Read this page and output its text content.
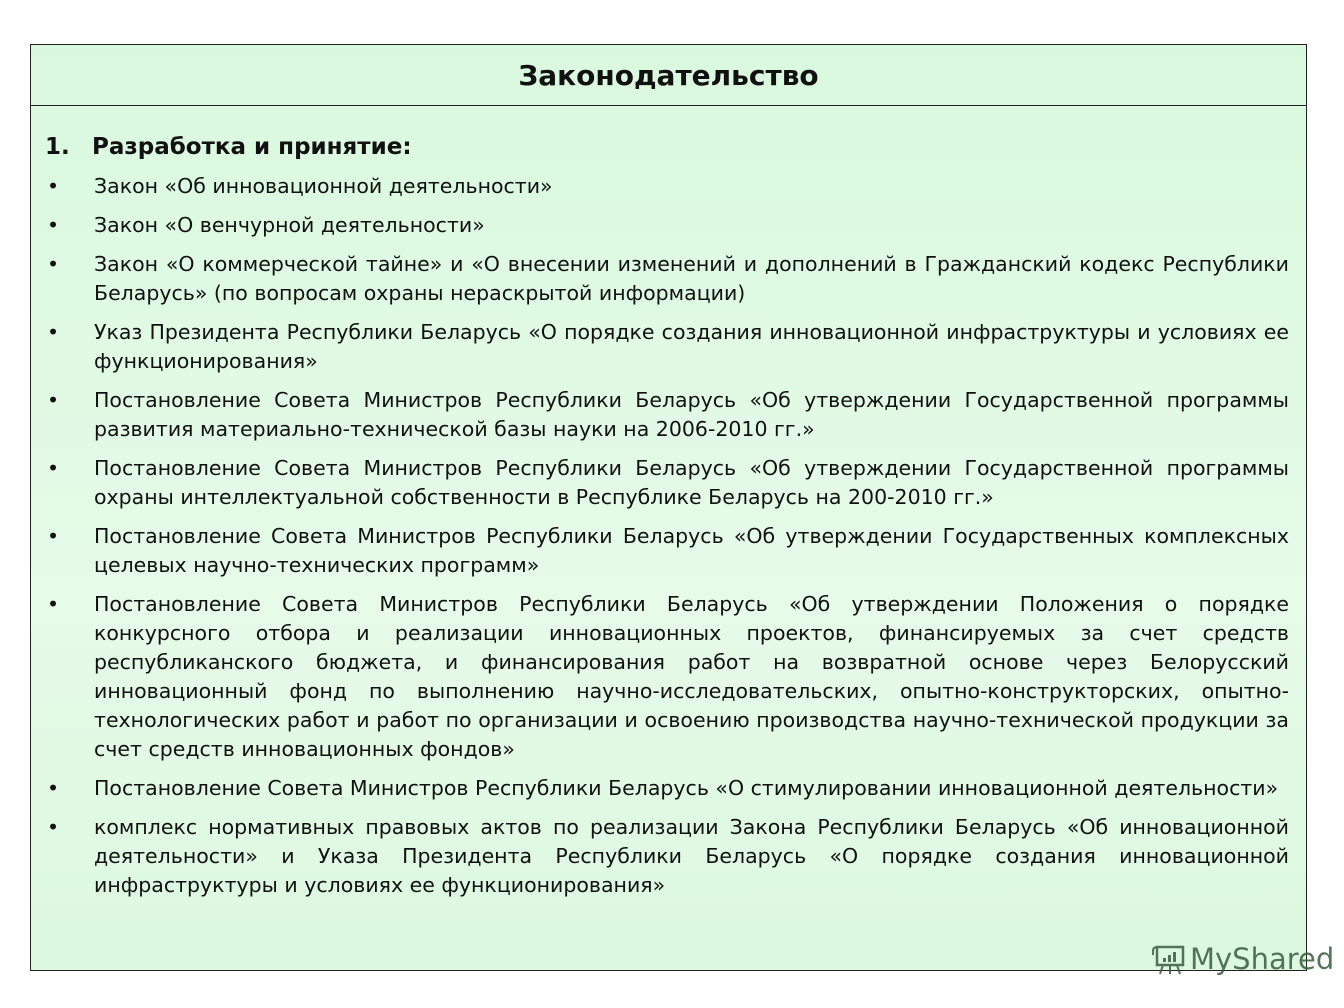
Законодательство
1. Разработка и принятие:
•	Закон «Об инновационной деятельности»
•	Закон «О венчурной деятельности»
•	Закон «О коммерческой тайне» и «О внесении изменений и дополнений в Гражданский кодекс Республики Беларусь» (по вопросам охраны нераскрытой информации)
•	Указ Президента Республики Беларусь «О порядке создания инновационной инфраструктуры и условиях ее функционирования»
•	Постановление Совета Министров Республики Беларусь «Об утверждении Государственной программы развития материально-технической базы науки на 2006-2010 гг.»
•	Постановление Совета Министров Республики Беларусь «Об утверждении Государственной программы охраны интеллектуальной собственности в Республике Беларусь на 200-2010 гг.»
•	Постановление Совета Министров Республики Беларусь «Об утверждении Государственных комплексных целевых научно-технических программ»
•	Постановление Совета Министров Республики Беларусь «Об утверждении Положения о порядке конкурсного отбора и реализации инновационных проектов, финансируемых за счет средств республиканского бюджета, и финансирования работ на возвратной основе через Белорусский инновационный фонд по выполнению научно-исследовательских, опытно-конструкторских, опытно-технологических работ и работ по организации и освоению производства научно-технической продукции за счет средств инновационных фондов»
•	Постановление Совета Министров Республики Беларусь «О стимулировании инновационной деятельности»
•	комплекс нормативных правовых актов по реализации Закона Республики Беларусь «Об инновационной деятельности» и Указа Президента Республики Беларусь «О порядке создания инновационной инфраструктуры и условиях ее функционирования»
MyShared
